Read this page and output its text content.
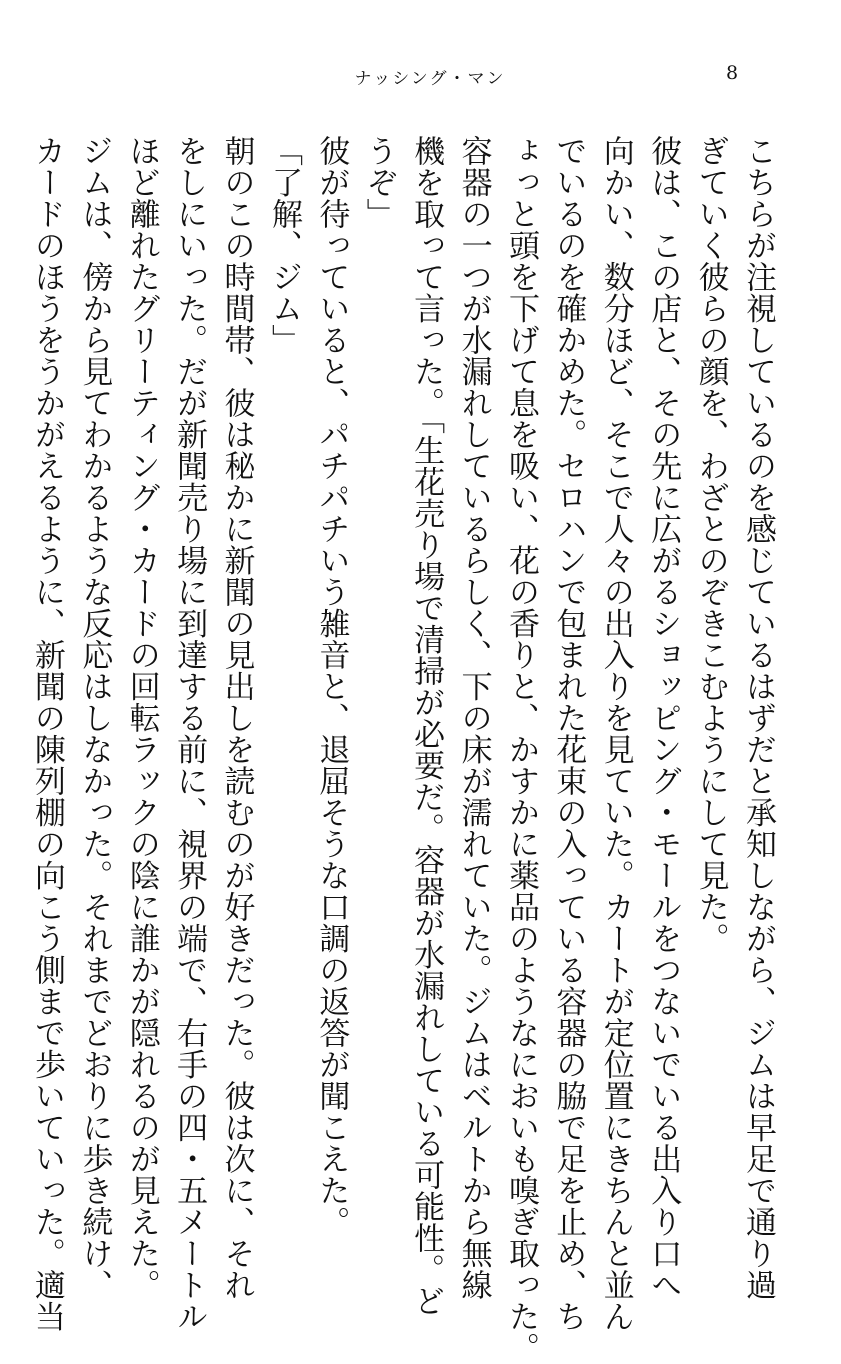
ナッシング・マン	8
こちらが注視しているのを感じているはずだと承知しながら、ジムは早足で通り過
ぎていく彼らの顔を、わざとのぞきこむようにして見た。
彼は、この店と、その先に広がるショッピング・モールをつないでいる出入り口へ
向かい、数分ほど、そこで人々の出入りを見ていた。カートが定位置にきちんと並ん
でいるのを確かめた。セロハンで包まれた花束の入っている容器の脇で足を止め、ち
ょっと頭を下げて息を吸い、花の香りと、かすかに薬品のようなにおいも嗅ぎ取った。
容器の一つが水漏れしているらしく、下の床が濡れていた。ジムはベルトから無線
機を取って言った。「生花売り場で清掃が必要だ。容器が水漏れしている可能性。ど
うぞ」
彼が待っていると、パチパチいう雑音と、退屈そうな口調の返答が聞こえた。
「了解、ジム」
朝のこの時間帯、彼は秘かに新聞の見出しを読むのが好きだった。彼は次に、それ
をしにいった。だが新聞売り場に到達する前に、視界の端で、右手の四・五メートル
ほど離れたグリーティング・カードの回転ラックの陰に誰かが隠れるのが見えた。
ジムは、傍から見てわかるような反応はしなかった。それまでどおりに歩き続け、
カードのほうをうかがえるように、新聞の陳列棚の向こう側まで歩いていった。適当
